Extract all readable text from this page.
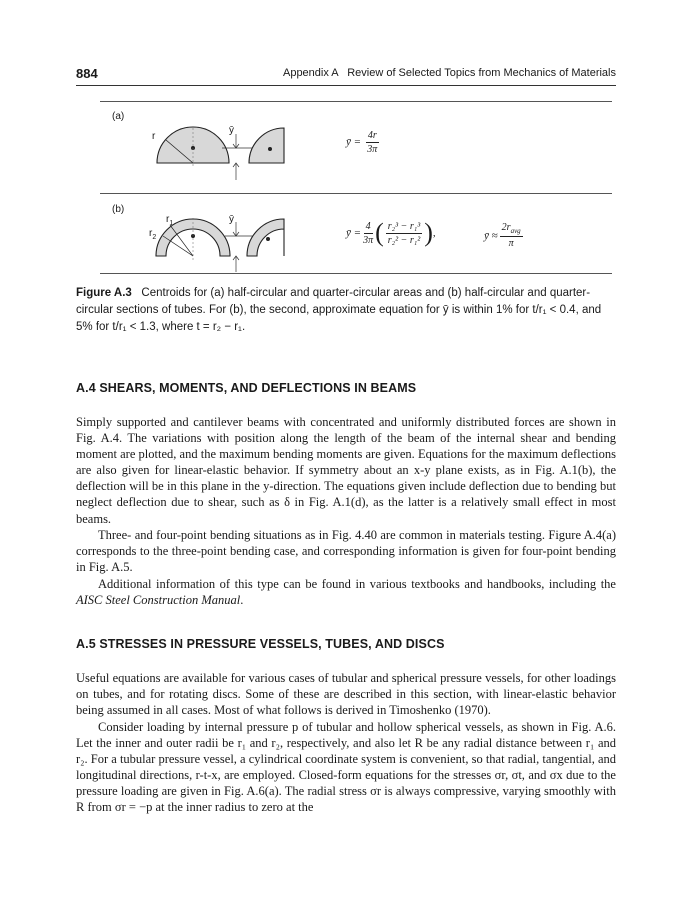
884	Appendix A   Review of Selected Topics from Mechanics of Materials
(a)
r
ȳ
ȳ = $\frac{4r}{3\pi}$
(b)
$r_1$
$r_2$
ȳ
ȳ = $\frac{4}{3\pi}$ ( $\frac{\text{r₂³ − r₁³}}{\text{r₂² − r₁²}}$ ) ,	ȳ ≈ $\frac{2r_{avg}}{\pi}$
Figure A.3 Centroids for (a) half-circular and quarter-circular areas and (b) half-circular and quarter-circular sections of tubes. For (b), the second, approximate equation for ȳ is within 1% for t/r₁ < 0.4, and 5% for t/r₁ < 1.3, where t = r₂ − r₁.
A.4 SHEARS, MOMENTS, AND DEFLECTIONS IN BEAMS
Simply supported and cantilever beams with concentrated and uniformly distributed forces are shown in Fig. A.4. The variations with position along the length of the beam of the internal shear and bending moment are plotted, and the maximum bending moments are given. Equations for the maximum deflections are also given for linear-elastic behavior. If symmetry about an x-y plane exists, as in Fig. A.1(b), the deflection will be in this plane in the y-direction. The equations given include deflection due to bending but neglect deflection due to shear, such as δ in Fig. A.1(d), as the latter is a relatively small effect in most beams.
Three- and four-point bending situations as in Fig. 4.40 are common in materials testing. Figure A.4(a) corresponds to the three-point bending case, and corresponding information is given for four-point bending in Fig. A.5.
Additional information of this type can be found in various textbooks and handbooks, including the AISC Steel Construction Manual.
A.5 STRESSES IN PRESSURE VESSELS, TUBES, AND DISCS
Useful equations are available for various cases of tubular and spherical pressure vessels, for other loadings on tubes, and for rotating discs. Some of these are described in this section, with linear-elastic behavior being assumed in all cases. Most of what follows is derived in Timoshenko (1970).
Consider loading by internal pressure p of tubular and hollow spherical vessels, as shown in Fig. A.6. Let the inner and outer radii be r₁ and r₂, respectively, and also let R be any radial distance between r₁ and r₂. For a tubular pressure vessel, a cylindrical coordinate system is convenient, so that radial, tangential, and longitudinal directions, r-t-x, are employed. Closed-form equations for the stresses σr, σt, and σx due to the pressure loading are given in Fig. A.6(a). The radial stress σr is always compressive, varying smoothly with R from σr = −p at the inner radius to zero at the
